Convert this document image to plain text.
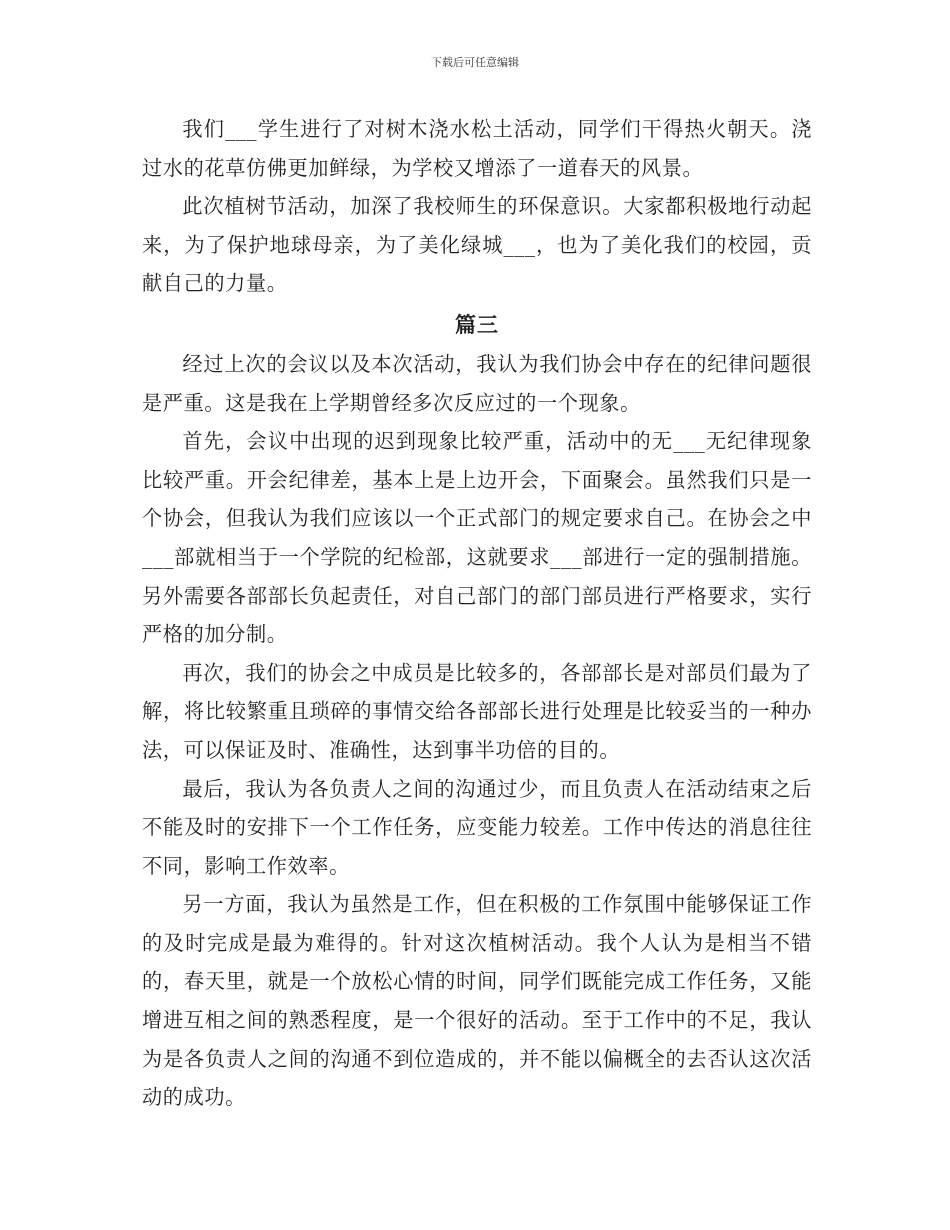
下载后可任意编辑

我们___学生进行了对树木浇水松土活动，同学们干得热火朝天。浇过水的花草仿佛更加鲜绿，为学校又增添了一道春天的风景。

此次植树节活动，加深了我校师生的环保意识。大家都积极地行动起来，为了保护地球母亲，为了美化绿城___，也为了美化我们的校园，贡献自己的力量。

篇三

经过上次的会议以及本次活动，我认为我们协会中存在的纪律问题很是严重。这是我在上学期曾经多次反应过的一个现象。

首先，会议中出现的迟到现象比较严重，活动中的无___无纪律现象比较严重。开会纪律差，基本上是上边开会，下面聚会。虽然我们只是一个协会，但我认为我们应该以一个正式部门的规定要求自己。在协会之中___部就相当于一个学院的纪检部，这就要求___部进行一定的强制措施。另外需要各部部长负起责任，对自己部门的部门部员进行严格要求，实行严格的加分制。

再次，我们的协会之中成员是比较多的，各部部长是对部员们最为了解，将比较繁重且琐碎的事情交给各部部长进行处理是比较妥当的一种办法，可以保证及时、准确性，达到事半功倍的目的。

最后，我认为各负责人之间的沟通过少，而且负责人在活动结束之后不能及时的安排下一个工作任务，应变能力较差。工作中传达的消息往往不同，影响工作效率。

另一方面，我认为虽然是工作，但在积极的工作氛围中能够保证工作的及时完成是最为难得的。针对这次植树活动。我个人认为是相当不错的，春天里，就是一个放松心情的时间，同学们既能完成工作任务，又能增进互相之间的熟悉程度，是一个很好的活动。至于工作中的不足，我认为是各负责人之间的沟通不到位造成的，并不能以偏概全的去否认这次活动的成功。
